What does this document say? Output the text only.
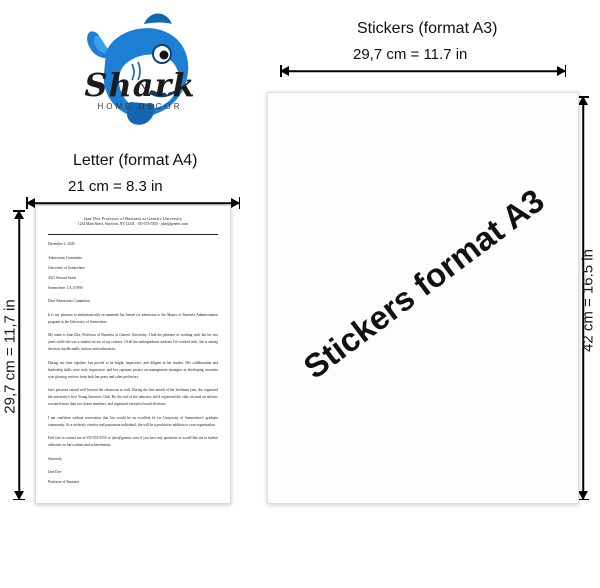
Shark
HOME DECOR
Letter (format A4)
21 cm = 8.3 in
29,7 cm = 11,7 in
Jane Doe Professor of Business at Generic University
1234 Main Street, Anytown, NY 12345 · 555-555-5555 · jdoe@generic.com

December 2, 2020

Admissions Committee

University of Somewhere

4321 Second Street

Somewhere, CA, 67890

Dear Admissions Committee,

It is my pleasure to enthusiastically recommend Jan Jansen for admission to the Master of Business Administration program at the University of Somewhere.

My name is Jane Doe, Professor of Business at Generic University. I had the pleasure of working with Jan for two years while she was a student in two of my courses. Of all the undergraduate students I've worked with, Jan is among the most intellectually curious and enthusiastic.

During our time together, Jan proved to be bright, inquisitive, and diligent in her studies. Her collaboration and leadership skills were truly impressive, and her capstone project on management strategies in developing countries won glowing reviews from both her peers and other professors.

Jan's passions extend well beyond the classroom as well. During the first month of her freshman year, she organized the university's first Young Investors Club. By the end of the semester, she'd registered the club, secured an adviser, recruited more than two dozen members, and organized executive board elections.

I am confident without reservation that Jan would be an excellent fit for University of Somewhere's graduate community. As a tirelessly creative and passionate individual, she will be a productive addition to your organization.

Feel free to contact me at 555-555-5555 or jdoe@generic.com if you have any questions or would like me to further elaborate on Jan's talents and achievements.

Sincerely,

Jane Doe

Professor of Business

Stickers (format A3)
29,7 cm = 11.7 in
42 cm = 16.5 in
Stickers format A3
